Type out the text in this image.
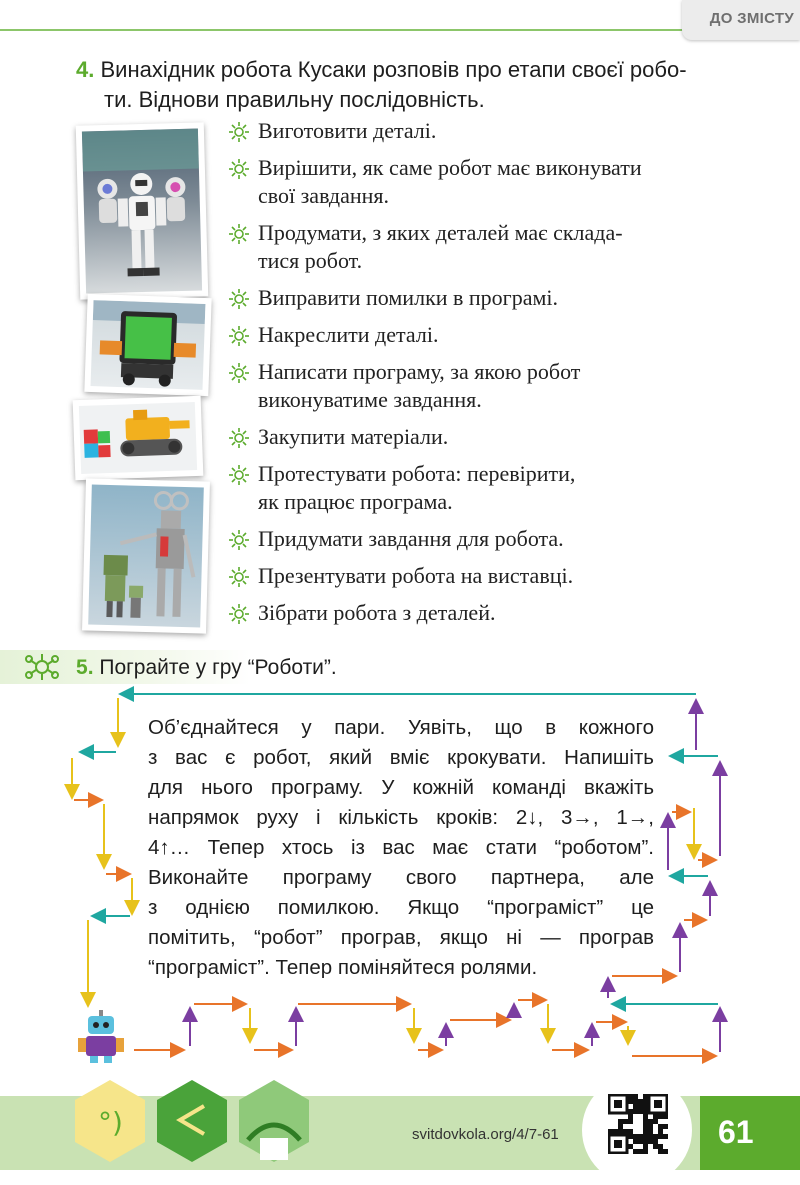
ДО ЗМІСТУ
4. Винахідник робота Кусаки розповів про етапи своєї робо-
ти. Віднови правильну послідовність.
Виготовити деталі.
Вирішити, як саме робот має виконувати
свої завдання.
Продумати, з яких деталей має склада-
тися робот.
Виправити помилки в програмі.
Накреслити деталі.
Написати програму, за якою робот
виконуватиме завдання.
Закупити матеріали.
Протестувати робота: перевірити,
як працює програма.
Придумати завдання для робота.
Презентувати робота на виставці.
Зібрати робота з деталей.
5. Пограйте у гру “Роботи”.

Об’єднайтеся у пари. Уявіть, що в кожного

з вас є робот, який вміє крокувати. Напишіть

для нього програму. У кожній команді вкажіть

напрямок руху і кількість кроків: 2↓, 3→, 1→,

4↑… Тепер хтось із вас має стати “роботом”.

Виконайте програму свого партнера, але

з однією помилкою. Якщо “програміст” це

помітить, “робот” програв, якщо ні — програв

“програміст”. Тепер поміняйтеся ролями.

°)	svitdovkola.org/4/7-61	61
